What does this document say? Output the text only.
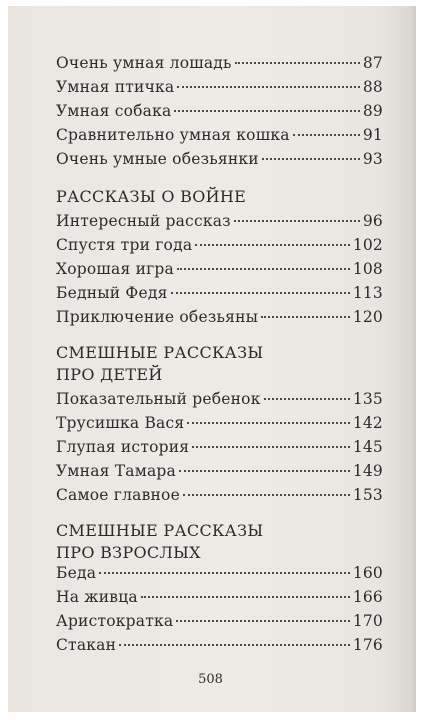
Очень умная лошадь	87
Умная птичка	88
Умная собака	89
Сравнительно умная кошка	91
Очень умные обезьянки	93
РАССКАЗЫ О ВОЙНЕ
Интересный рассказ	96
Спустя три года	102
Хорошая игра	108
Бедный Федя	113
Приключение обезьяны	120
СМЕШНЫЕ РАССКАЗЫ
ПРО ДЕТЕЙ
Показательный ребенок	135
Трусишка Вася	142
Глупая история	145
Умная Тамара	149
Самое главное	153
СМЕШНЫЕ РАССКАЗЫ
ПРО ВЗРОСЛЫХ
Беда	160
На живца	166
Аристократка	170
Стакан	176
508
